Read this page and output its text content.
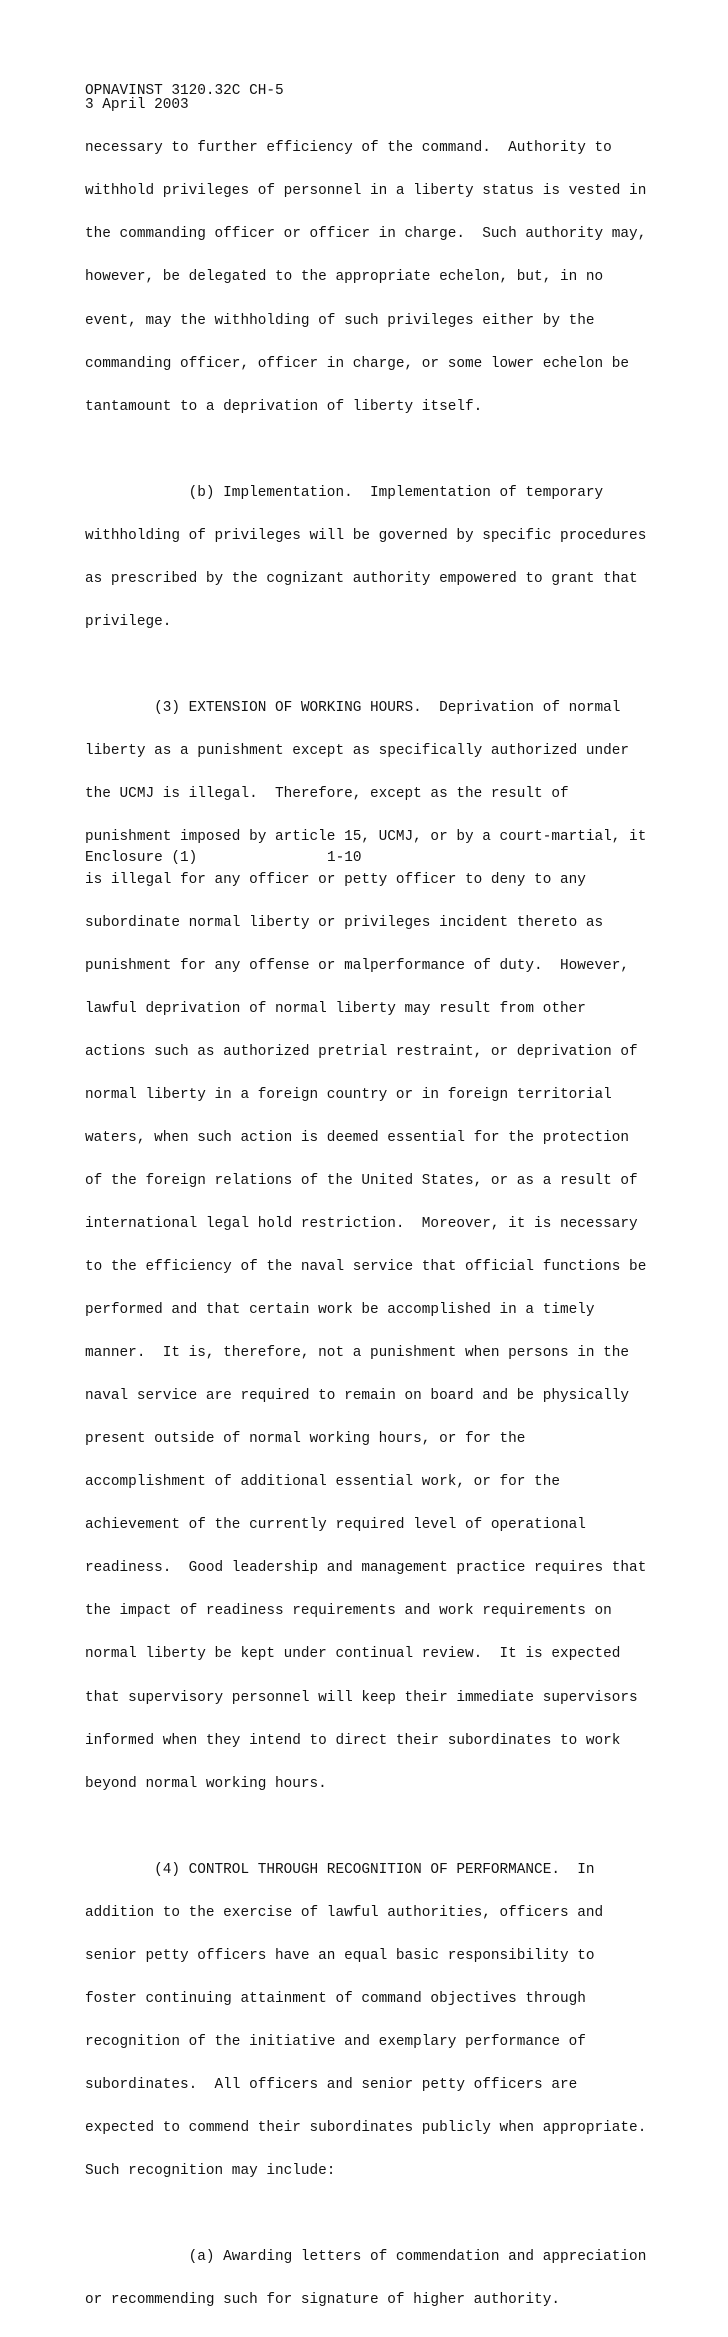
OPNAVINST 3120.32C CH-5
3 April 2003

necessary to further efficiency of the command.  Authority to

withhold privileges of personnel in a liberty status is vested in

the commanding officer or officer in charge.  Such authority may,

however, be delegated to the appropriate echelon, but, in no

event, may the withholding of such privileges either by the

commanding officer, officer in charge, or some lower echelon be

tantamount to a deprivation of liberty itself.

(b) Implementation.  Implementation of temporary

withholding of privileges will be governed by specific procedures

as prescribed by the cognizant authority empowered to grant that

privilege.

(3) EXTENSION OF WORKING HOURS.  Deprivation of normal

liberty as a punishment except as specifically authorized under

the UCMJ is illegal.  Therefore, except as the result of

punishment imposed by article 15, UCMJ, or by a court-martial, it

is illegal for any officer or petty officer to deny to any

subordinate normal liberty or privileges incident thereto as

punishment for any offense or malperformance of duty.  However,

lawful deprivation of normal liberty may result from other

actions such as authorized pretrial restraint, or deprivation of

normal liberty in a foreign country or in foreign territorial

waters, when such action is deemed essential for the protection

of the foreign relations of the United States, or as a result of

international legal hold restriction.  Moreover, it is necessary

to the efficiency of the naval service that official functions be

performed and that certain work be accomplished in a timely

manner.  It is, therefore, not a punishment when persons in the

naval service are required to remain on board and be physically

present outside of normal working hours, or for the

accomplishment of additional essential work, or for the

achievement of the currently required level of operational

readiness.  Good leadership and management practice requires that

the impact of readiness requirements and work requirements on

normal liberty be kept under continual review.  It is expected

that supervisory personnel will keep their immediate supervisors

informed when they intend to direct their subordinates to work

beyond normal working hours.

(4) CONTROL THROUGH RECOGNITION OF PERFORMANCE.  In

addition to the exercise of lawful authorities, officers and

senior petty officers have an equal basic responsibility to

foster continuing attainment of command objectives through

recognition of the initiative and exemplary performance of

subordinates.  All officers and senior petty officers are

expected to commend their subordinates publicly when appropriate.

Such recognition may include:

(a) Awarding letters of commendation and appreciation

or recommending such for signature of higher authority.

Enclosure (1)	1-10
